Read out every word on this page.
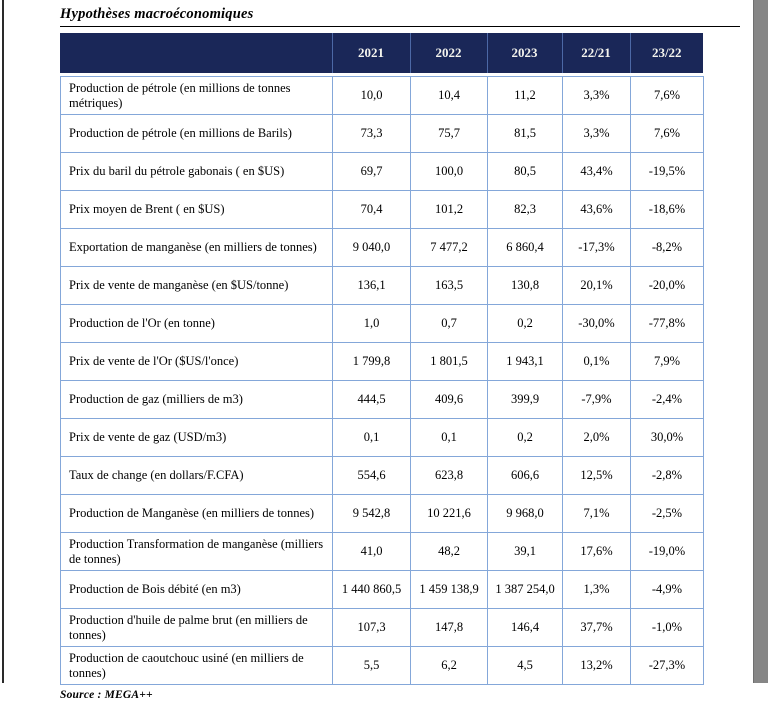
Hypothèses macroéconomiques
	2021	2022	2023	22/21	23/22
Production de pétrole (en millions de tonnes métriques)	10,0	10,4	11,2	3,3%	7,6%
Production de pétrole (en millions de Barils)	73,3	75,7	81,5	3,3%	7,6%
Prix du baril du pétrole gabonais ( en $US)	69,7	100,0	80,5	43,4%	-19,5%
Prix moyen de Brent ( en $US)	70,4	101,2	82,3	43,6%	-18,6%
Exportation de manganèse (en milliers de tonnes)	9 040,0	7 477,2	6 860,4	-17,3%	-8,2%
Prix de vente de manganèse (en $US/tonne)	136,1	163,5	130,8	20,1%	-20,0%
Production de l'Or (en tonne)	1,0	0,7	0,2	-30,0%	-77,8%
Prix de vente de l'Or ($US/l'once)	1 799,8	1 801,5	1 943,1	0,1%	7,9%
Production de gaz (milliers de m3)	444,5	409,6	399,9	-7,9%	-2,4%
Prix de vente de gaz (USD/m3)	0,1	0,1	0,2	2,0%	30,0%
Taux de change (en dollars/F.CFA)	554,6	623,8	606,6	12,5%	-2,8%
Production de Manganèse (en milliers de tonnes)	9 542,8	10 221,6	9 968,0	7,1%	-2,5%
Production Transformation de manganèse (milliers de tonnes)	41,0	48,2	39,1	17,6%	-19,0%
Production de Bois débité (en m3)	1 440 860,5	1 459 138,9	1 387 254,0	1,3%	-4,9%
Production d'huile de palme brut (en milliers de tonnes)	107,3	147,8	146,4	37,7%	-1,0%
Production de caoutchouc usiné (en milliers de tonnes)	5,5	6,2	4,5	13,2%	-27,3%
Source : MEGA++
